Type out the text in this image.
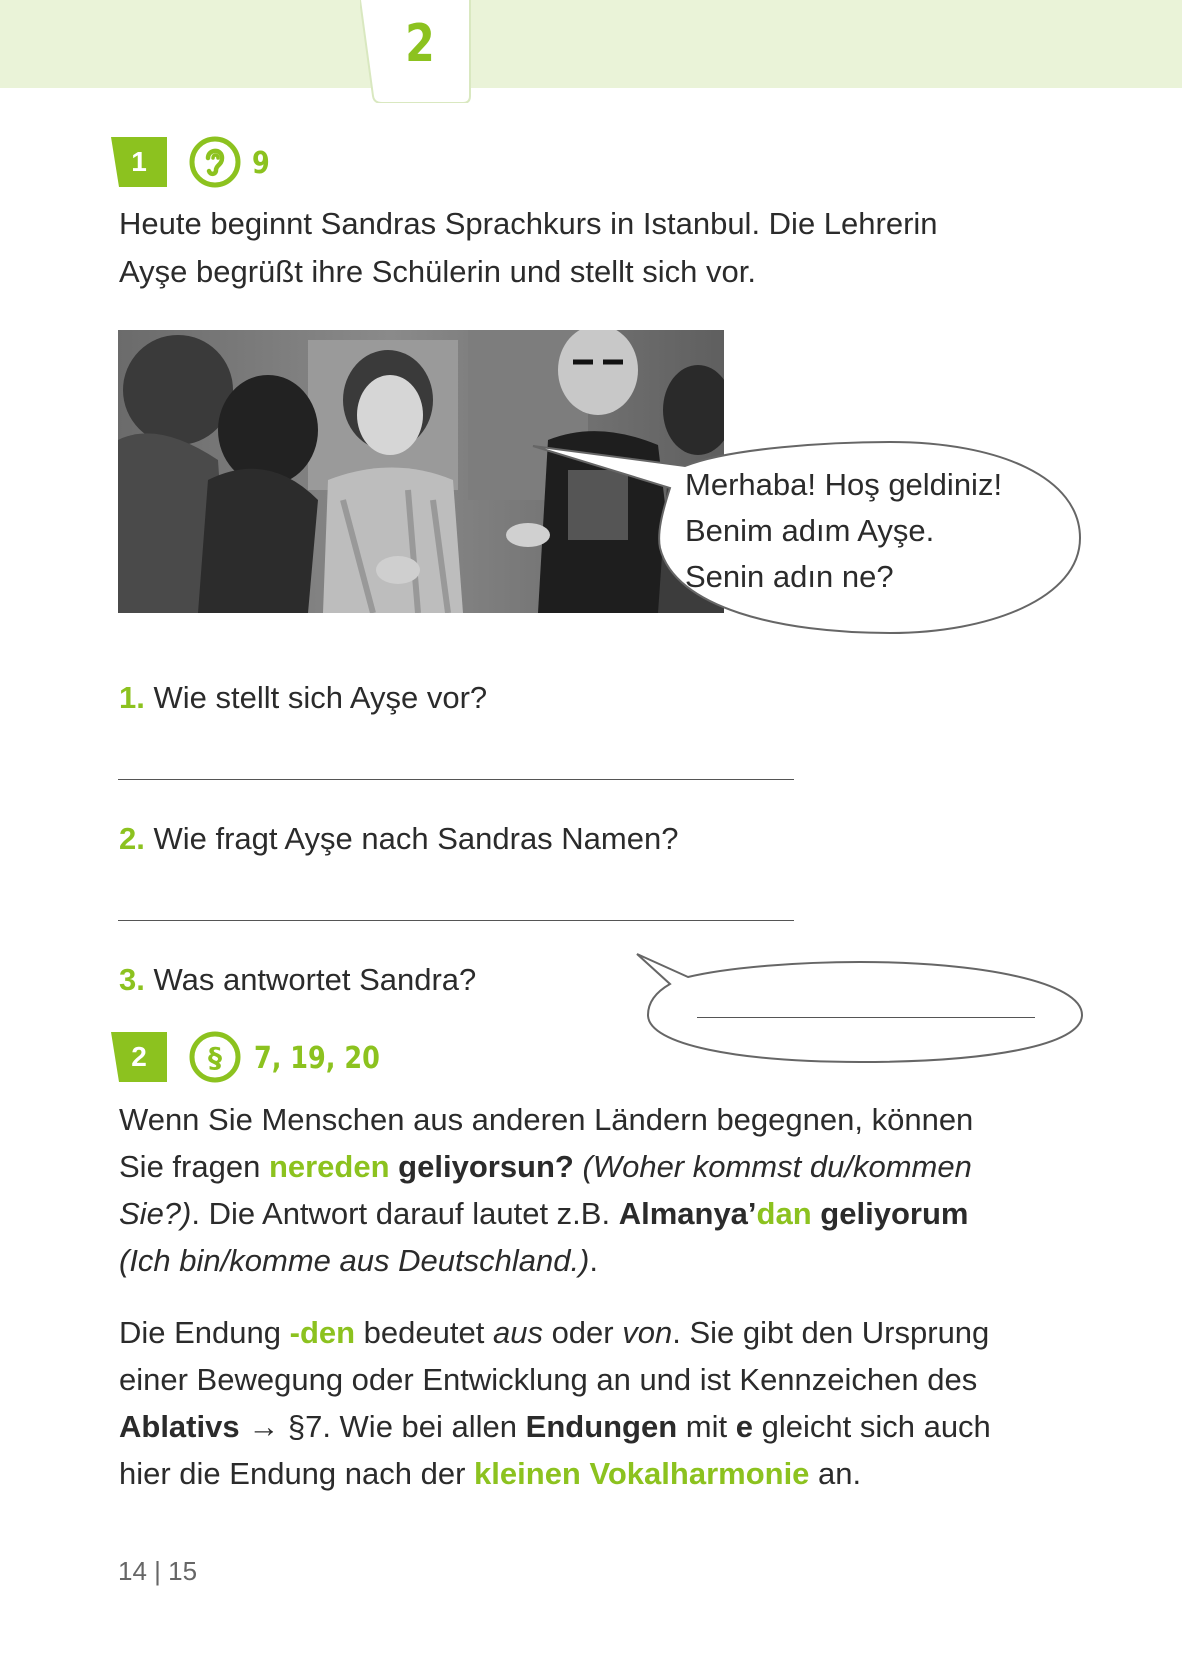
2
1	9
Heute beginnt Sandras Sprachkurs in Istanbul. Die Lehrerin
Ayşe begrüßt ihre Schülerin und stellt sich vor.
Merhaba! Hoş geldiniz!
Benim adım Ayşe.
Senin adın ne?
1. Wie stellt sich Ayşe vor?
2. Wie fragt Ayşe nach Sandras Namen?
3. Was antwortet Sandra?
2	§ 7, 19, 20
Wenn Sie Menschen aus anderen Ländern begegnen, können
Sie fragen nereden geliyorsun? (Woher kommst du/kommen
Sie?). Die Antwort darauf lautet z.B. Almanya’dan geliyorum
(Ich bin/komme aus Deutschland.).
Die Endung -den bedeutet aus oder von. Sie gibt den Ursprung
einer Bewegung oder Entwicklung an und ist Kennzeichen des
Ablativs → §7. Wie bei allen Endungen mit e gleicht sich auch
hier die Endung nach der kleinen Vokalharmonie an.
14 | 15
